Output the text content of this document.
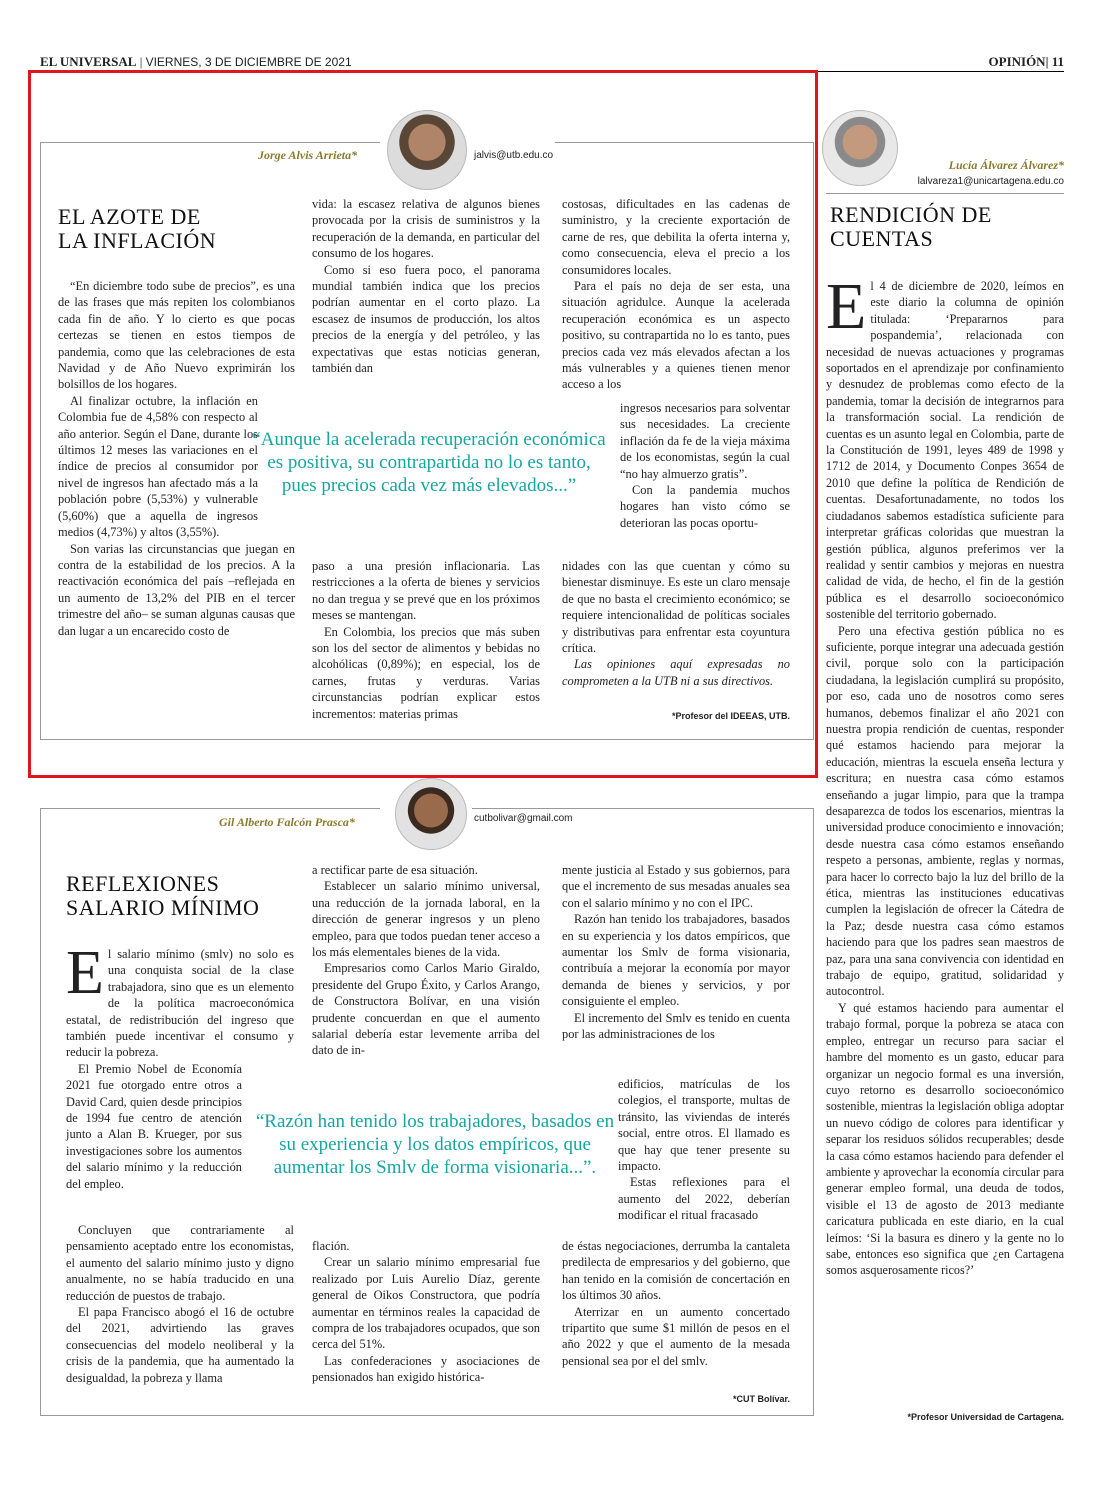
EL UNIVERSAL | VIERNES, 3 DE DICIEMBRE DE 2021	OPINIÓN| 11
Jorge Alvis Arrieta*	jalvis@utb.edu.co
EL AZOTE DE
LA INFLACIÓN

“En diciembre todo sube de precios”, es una de las frases que más repiten los colombianos cada fin de año. Y lo cierto es que pocas certezas se tienen en estos tiempos de pandemia, como que las celebraciones de esta Navidad y de Año Nuevo exprimirán los bolsillos de los hogares.

Al finalizar octubre, la inflación en Colombia fue de 4,58% con respecto al año anterior. Según el Dane, durante los últimos 12 meses las variaciones en el índice de precios al consumidor por nivel de ingresos han afectado más a la población pobre (5,53%) y vulnerable (5,60%) que a aquella de ingresos medios (4,73%) y altos (3,55%).

Son varias las circunstancias que juegan en contra de la estabilidad de los precios. A la reactivación económica del país –reflejada en un aumento de 13,2% del PIB en el tercer trimestre del año– se suman algunas causas que dan lugar a un encarecido costo de

vida: la escasez relativa de algunos bienes provocada por la crisis de suministros y la recuperación de la demanda, en particular del consumo de los hogares.

Como si eso fuera poco, el panorama mundial también indica que los precios podrían aumentar en el corto plazo. La escasez de insumos de producción, los altos precios de la energía y del petróleo, y las expectativas que estas noticias generan, también dan

paso a una presión inflacionaria. Las restricciones a la oferta de bienes y servicios no dan tregua y se prevé que en los próximos meses se mantengan.

En Colombia, los precios que más suben son los del sector de alimentos y bebidas no alcohólicas (0,89%); en especial, los de carnes, frutas y verduras. Varias circunstancias podrían explicar estos incrementos: materias primas

costosas, dificultades en las cadenas de suministro, y la creciente exportación de carne de res, que debilita la oferta interna y, como consecuencia, eleva el precio a los consumidores locales.

Para el país no deja de ser esta, una situación agridulce. Aunque la acelerada recuperación económica es un aspecto positivo, su contrapartida no lo es tanto, pues precios cada vez más elevados afectan a los más vulnerables y a quienes tienen menor acceso a los

ingresos necesarios para solventar sus necesidades. La creciente inflación da fe de la vieja máxima de los economistas, según la cual “no hay almuerzo gratis”.

Con la pandemia muchos hogares han visto cómo se deterioran las pocas oportu-

nidades con las que cuentan y cómo su bienestar disminuye. Es este un claro mensaje de que no basta el crecimiento económico; se requiere intencionalidad de políticas sociales y distributivas para enfrentar esta coyuntura crítica.

Las opiniones aquí expresadas no comprometen a la UTB ni a sus directivos.

“Aunque la acelerada recuperación económica es positiva, su contrapartida no lo es tanto, pues precios cada vez más elevados...”
*Profesor del IDEEAS, UTB.
Gil Alberto Falcón Prasca*	cutbolivar@gmail.com
REFLEXIONES
SALARIO MÍNIMO

El salario mínimo (smlv) no solo es una conquista social de la clase trabajadora, sino que es un elemento de la política macroeconómica estatal, de redistribución del ingreso que también puede incentivar el consumo y reducir la pobreza.

El Premio Nobel de Economía 2021 fue otorgado entre otros a David Card, quien desde principios de 1994 fue centro de atención junto a Alan B. Krueger, por sus investigaciones sobre los aumentos del salario mínimo y la reducción del empleo.

Concluyen que contrariamente al pensamiento aceptado entre los economistas, el aumento del salario mínimo justo y digno anualmente, no se había traducido en una reducción de puestos de trabajo.

El papa Francisco abogó el 16 de octubre del 2021, advirtiendo las graves consecuencias del modelo neoliberal y la crisis de la pandemia, que ha aumentado la desigualdad, la pobreza y llama

a rectificar parte de esa situación.

Establecer un salario mínimo universal, una reducción de la jornada laboral, en la dirección de generar ingresos y un pleno empleo, para que todos puedan tener acceso a los más elementales bienes de la vida.

Empresarios como Carlos Mario Giraldo, presidente del Grupo Éxito, y Carlos Arango, de Constructora Bolívar, en una visión prudente concuerdan en que el aumento salarial debería estar levemente arriba del dato de in-

flación.

Crear un salario mínimo empresarial fue realizado por Luis Aurelio Díaz, gerente general de Oikos Constructora, que podría aumentar en términos reales la capacidad de compra de los trabajadores ocupados, que son cerca del 51%.

Las confederaciones y asociaciones de pensionados han exigido histórica-

mente justicia al Estado y sus gobiernos, para que el incremento de sus mesadas anuales sea con el salario mínimo y no con el IPC.

Razón han tenido los trabajadores, basados en su experiencia y los datos empíricos, que aumentar los Smlv de forma visionaria, contribuía a mejorar la economía por mayor demanda de bienes y servicios, y por consiguiente el empleo.

El incremento del Smlv es tenido en cuenta por las administraciones de los

edificios, matrículas de los colegios, el transporte, multas de tránsito, las viviendas de interés social, entre otros. El llamado es que hay que tener presente su impacto.

Estas reflexiones para el aumento del 2022, deberían modificar el ritual fracasado

de éstas negociaciones, derrumba la cantaleta predilecta de empresarios y del gobierno, que han tenido en la comisión de concertación en los últimos 30 años.

Aterrizar en un aumento concertado tripartito que sume $1 millón de pesos en el año 2022 y que el aumento de la mesada pensional sea por el del smlv.

“Razón han tenido los trabajadores, basados en su experiencia y los datos empíricos, que aumentar los Smlv de forma visionaria...”.
*CUT Bolívar.
Lucía Álvarez Álvarez*
lalvareza1@unicartagena.edu.co
RENDICIÓN DE
CUENTAS

El 4 de diciembre de 2020, leímos en este diario la columna de opinión titulada: ‘Prepararnos para pospandemia’, relacionada con necesidad de nuevas actuaciones y programas soportados en el aprendizaje por confinamiento y desnudez de problemas como efecto de la pandemia, tomar la decisión de integrarnos para la transformación social. La rendición de cuentas es un asunto legal en Colombia, parte de la Constitución de 1991, leyes 489 de 1998 y 1712 de 2014, y Documento Conpes 3654 de 2010 que define la política de Rendición de cuentas. Desafortunadamente, no todos los ciudadanos sabemos estadística suficiente para interpretar gráficas coloridas que muestran la gestión pública, algunos preferimos ver la realidad y sentir cambios y mejoras en nuestra calidad de vida, de hecho, el fin de la gestión pública es el desarrollo socioeconómico sostenible del territorio gobernado.

Pero una efectiva gestión pública no es suficiente, porque integrar una adecuada gestión civil, porque solo con la participación ciudadana, la legislación cumplirá su propósito, por eso, cada uno de nosotros como seres humanos, debemos finalizar el año 2021 con nuestra propia rendición de cuentas, responder qué estamos haciendo para mejorar la educación, mientras la escuela enseña lectura y escritura; en nuestra casa cómo estamos enseñando a jugar limpio, para que la trampa desaparezca de todos los escenarios, mientras la universidad produce conocimiento e innovación; desde nuestra casa cómo estamos enseñando respeto a personas, ambiente, reglas y normas, para hacer lo correcto bajo la luz del brillo de la ética, mientras las instituciones educativas cumplen la legislación de ofrecer la Cátedra de la Paz; desde nuestra casa cómo estamos haciendo para que los padres sean maestros de paz, para una sana convivencia con identidad en trabajo de equipo, gratitud, solidaridad y autocontrol.

Y qué estamos haciendo para aumentar el trabajo formal, porque la pobreza se ataca con empleo, entregar un recurso para saciar el hambre del momento es un gasto, educar para organizar un negocio formal es una inversión, cuyo retorno es desarrollo socioeconómico sostenible, mientras la legislación obliga adoptar un nuevo código de colores para identificar y separar los residuos sólidos recuperables; desde la casa cómo estamos haciendo para defender el ambiente y aprovechar la economía circular para generar empleo formal, una deuda de todos, visible el 13 de agosto de 2013 mediante caricatura publicada en este diario, en la cual leímos: ‘Si la basura es dinero y la gente no lo sabe, entonces eso significa que ¿en Cartagena somos asquerosamente ricos?’

*Profesor Universidad de Cartagena.
